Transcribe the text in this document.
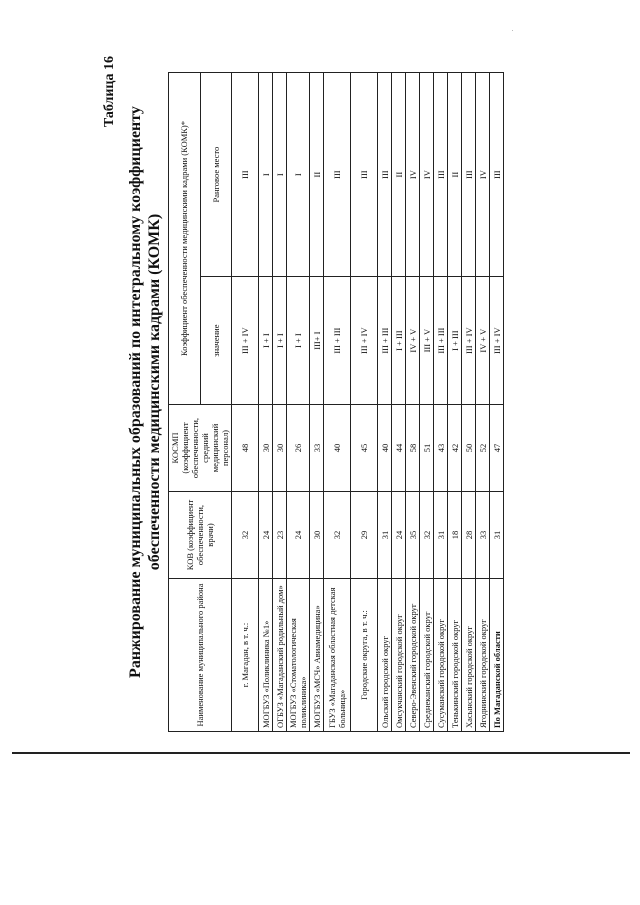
Таблица 16
Ранжирование муниципальных образований по интегральному коэффициенту обеспеченности медицинскими кадрами (КОМК)
Наименование муниципального района	КОВ (коэффициент обеспеченности, врачи)	КОСМП (коэффициент обеспеченности, средний медицинский персонал)	Коэффициент обеспеченности медицинскими кадрами (КОМК)*	
			значение	Ранговое место
г. Магадан, в т. ч.:	32	48	III + IV	III
МОГБУЗ «Поликлиника №1»	24	30	I + I	I
ОГБУЗ «Магаданский родильный дом»	23	30	I + I	I
МОГБУЗ «Стоматологическая поликлиника»	24	26	I + I	I
МОГБУЗ «МСЧ» Авиамедицина»	30	33	III+ I	II
ГБУЗ «Магаданская областная детская больница»	32	40	III + III	III
Городские округа, в т. ч.:	29	45	III + IV	III
Ольский городской округ	31	40	III + III	III
Омсукчанский городской округ	24	44	I + III	II
Северо-Эвенский городской округ	35	58	IV + V	IV
Среднеканский городской округ	32	51	III + V	IV
Сусуманский городской округ	31	43	III + III	III
Тенькинский городской округ	18	42	I + III	II
Хасынский городской округ	28	50	III + IV	III
Ягоднинский городской округ	33	52	IV + V	IV
По Магаданской области	31	47	III + IV	III
